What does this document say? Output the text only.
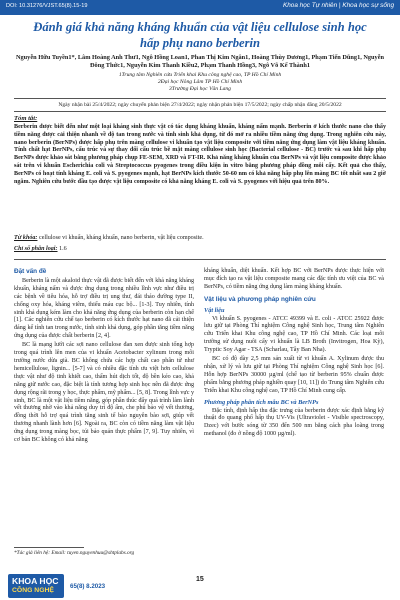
DOI: 10.31276/VJST.65(8).15-19	Khoa học Tự nhiên | Khoa học sự sống
Đánh giá khả năng kháng khuẩn của vật liệu cellulose sinh học hấp phụ nano berberin
Nguyễn Hữu Tuyền1*, Lâm Hoàng Anh Thư1, Ngô Hồng Loan1, Phan Thị Kim Ngân1, Hoàng Thùy Dương1, Phạm Tiến Dũng1, Nguyễn Đông Thức1, Nguyễn Kim Thanh Kiều2, Phạm Thanh Hồng3, Ngô Võ Kế Thành1
1Trung tâm Nghiên cứu Triển khai Khu công nghệ cao, TP Hồ Chí Minh
2Đại học Nông Lâm TP Hồ Chí Minh
3Trường Đại học Văn Lang
Ngày nhận bài 25/4/2022; ngày chuyển phản biện 27/4/2022; ngày nhận phản biện 17/5/2022; ngày chấp nhận đăng 20/5/2022
Tóm tắt:
Berberin được biết đến như một loại kháng sinh thực vật có tác dụng kháng khuẩn, kháng nấm mạnh. Berberin ở kích thước nano cho thấy tiềm năng được cải thiện nhanh về độ tan trong nước và tính sinh khả dụng, từ đó mở ra nhiều tiềm năng ứng dụng. Trong nghiên cứu này, nano berberin (BerNPs) được hấp phụ trên màng cellulose vi khuẩn tạo vật liệu composite với tiềm năng ứng dụng làm vật liệu kháng khuẩn. Tính chất hạt BerNPs, cấu trúc và sự thay đổi cấu trúc bề mặt màng cellulose sinh học (Bacterial cellulose - BC) trước và sau khi hấp phụ BerNPs được khảo sát bằng phương pháp chụp FE-SEM, XRD và FT-IR. Khả năng kháng khuẩn của BerNPs và vật liệu composite được khảo sát trên vi khuẩn Escherichia coli và Streptococcus pyogenes trong điều kiện in vitro bằng phương pháp đồng môi cấy. Kết quả cho thấy, BerNPs có hoạt tính kháng E. coli và S. pyogenes mạnh, hạt BerNPs kích thước 50-60 nm có khả năng hấp phụ lên màng BC tốt nhất sau 2 giờ ngâm. Nghiên cứu bước đầu tạo được vật liệu composite có khả năng kháng E. coli và S. pyogenes với hiệu quả trên 80%.
Từ khóa: cellulose vi khuẩn, kháng khuẩn, nano berberin, vật liệu composite.
Chỉ số phân loại: 1.6
Đặt vấn đề

Berberin là một akaloid thực vật đã được biết đến với khả năng kháng khuẩn, kháng nấm và được ứng dụng trong nhiều lĩnh vực như điều trị các bệnh về tiêu hóa, hỗ trợ điều trị ung thư, đái tháo đường type II, chống oxy hóa, kháng viêm, thiếu máu cục bộ... [1-3]. Tuy nhiên, tính sinh khả dụng kém làm cho khả năng ứng dụng của berberin còn hạn chế [1]. Các nghiên cứu chế tạo berberin có kích thước hạt nano đã cải thiện đáng kể tính tan trong nước, tính sinh khả dụng, góp phần tăng tiềm năng ứng dụng của được chất berberin [2, 4].

BC là mạng lưới các sợi nano cellulose đan xen được sinh tổng hợp trong quá trình lên men của vi khuẩn Acetobacter xylinum trong môi trường nước dừa già. BC không chứa các hợp chất cao phân tử như hemicellulose, lignin... [5-7] và có nhiều đặc tính ưu việt hơn cellulose thực vật như độ tinh khiết cao, thấm hút dịch tốt, độ bền kéo cao, khả năng giữ nước cao, đặc biệt là tính tương hợp sinh học nên đã được ứng dụng rộng rãi trong y học, thực phẩm, mỹ phẩm... [5, 8]. Trong lĩnh vực y sinh, BC là một vật liệu tiềm năng, góp phần thúc đẩy quá trình làm lành vết thương nhờ vào khả năng duy trì độ ẩm, che phủ bảo vệ vết thương, đồng thời hỗ trợ quá trình tăng sinh tế bào nguyên bào sợi, giúp vết thương nhanh lành hơn [6]. Ngoài ra, BC còn có tiềm năng làm vật liệu ứng dụng trong màng bọc, túi bảo quản thực phẩm [7, 9]. Tuy nhiên, vì cơ bản BC không có khả năng

kháng khuẩn, diệt khuẩn. Kết hợp BC với BerNPs được thực hiện với mục đích tạo ra vật liệu composite mang các đặc tính ưu việt của BC và BerNPs, có tiềm năng ứng dụng làm màng kháng khuẩn.

Vật liệu và phương pháp nghiên cứu
Vật liệu

Vi khuẩn S. pyogenes - ATCC 49399 và E. coli - ATCC 25922 được lưu giữ tại Phòng Thí nghiệm Công nghệ Sinh học, Trung tâm Nghiên cứu Triển khai Khu công nghệ cao, TP Hồ Chí Minh. Các loại môi trường sử dụng nuôi cấy vi khuẩn là LB Broth (Invitrogen, Hoa Kỳ), Tryptic Soy Agar - TSA (Scharlau, Tây Ban Nha).

BC có độ dày 2,5 mm sản xuất từ vi khuẩn A. Xylinum được thu nhận, xử lý và lưu giữ tại Phòng Thí nghiệm Công nghệ Sinh học [6]. Hỗn hợp BerNPs 30000 µg/ml (chế tạo từ berberin 95% chuẩn được phẩm bằng phương pháp nghiền quay [10, 11]) do Trung tâm Nghiên cứu Triển khai Khu công nghệ cao, TP Hồ Chí Minh cung cấp.

Phương pháp phân tích mẫu BC và BerNPs

Đặc tính, định hấp thu đặc trưng của berberin được xác định bằng kỹ thuật đo quang phổ hấp thụ UV-Vis (Ultraviolet - Visible spectroscopy, Dzec) với bước sóng từ 350 đến 500 nm bằng cách pha loãng trong methanol (đo ở nồng độ 1000 µg/ml).

*Tác giả liên hệ: Email: tuyen.nguyenhuu@shtplabs.org
KHOA HỌC
CÔNG NGHỆ
65(8) 8.2023
15
